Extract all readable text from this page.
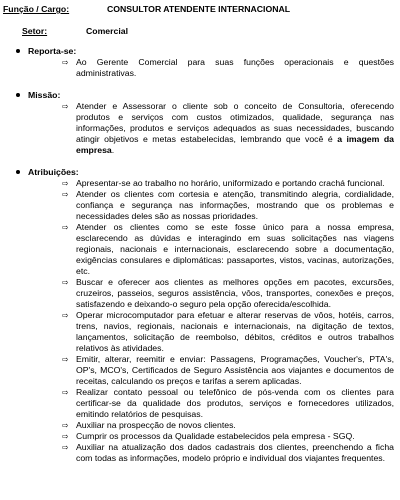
Função / Cargo:	CONSULTOR ATENDENTE INTERNACIONAL
Setor:	Comercial
Reporta-se:
⇨ Ao Gerente Comercial para suas funções operacionais e questões administrativas.
Missão:
⇨ Atender e Assessorar o cliente sob o conceito de Consultoria, oferecendo produtos e serviços com custos otimizados, qualidade, segurança nas informações, produtos e serviços adequados as suas necessidades, buscando atingir objetivos e metas estabelecidas, lembrando que você é a imagem da empresa.
Atribuições:
⇨ Apresentar-se ao trabalho no horário, uniformizado e portando crachá funcional.
⇨ Atender os clientes com cortesia e atenção, transmitindo alegria, cordialidade, confiança e segurança nas informações, mostrando que os problemas e necessidades deles são as nossas prioridades.
⇨ Atender os clientes como se este fosse único para a nossa empresa, esclarecendo as dúvidas e interagindo em suas solicitações nas viagens regionais, nacionais e internacionais, esclarecendo sobre a documentação, exigências consulares e diplomáticas: passaportes, vistos, vacinas, autorizações, etc.
⇨ Buscar e oferecer aos clientes as melhores opções em pacotes, excursões, cruzeiros, passeios, seguros assistência, vôos, transportes, conexões e preços, satisfazendo e deixando-o seguro pela opção oferecida/escolhida.
⇨ Operar microcomputador para efetuar e alterar reservas de vôos, hotéis, carros, trens, navios, regionais, nacionais e internacionais, na digitação de textos, lançamentos, solicitação de reembolso, débitos, créditos e outros trabalhos relativos às atividades.
⇨ Emitir, alterar, reemitir e enviar: Passagens, Programações, Voucher's, PTA's, OP's, MCO's, Certificados de Seguro Assistência aos viajantes e documentos de receitas, calculando os preços e tarifas a serem aplicadas.
⇨ Realizar contato pessoal ou telefônico de pós-venda com os clientes para certificar-se da qualidade dos produtos, serviços e fornecedores utilizados, emitindo relatórios de pesquisas.
⇨ Auxiliar na prospecção de novos clientes.
⇨ Cumprir os processos da Qualidade estabelecidos pela empresa - SGQ.
⇨ Auxiliar na atualização dos dados cadastrais dos clientes, preenchendo a ficha com todas as informações, modelo próprio e individual dos viajantes frequentes.
